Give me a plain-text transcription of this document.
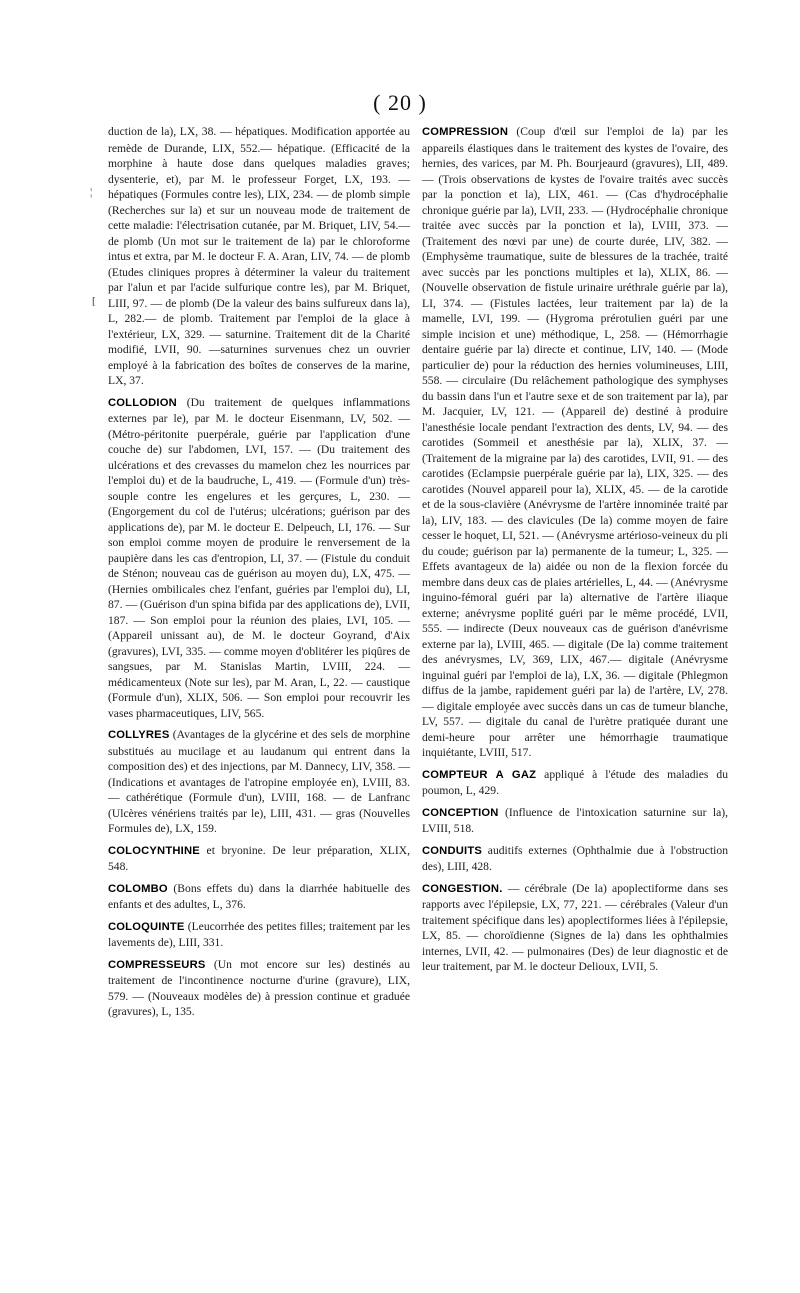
( 20 )
¦
[

duction de la), LX, 38. — hépatiques. Modification apportée au remède de Durande, LIX, 552.— hépatique. (Efficacité de la morphine à haute dose dans quelques maladies graves; dysenterie, et), par M. le professeur Forget, LX, 193. — hépatiques (Formules contre les), LIX, 234. — de plomb simple (Recherches sur la) et sur un nouveau mode de traitement de cette maladie: l'électrisation cutanée, par M. Briquet, LIV, 54.— de plomb (Un mot sur le traitement de la) par le chloroforme intus et extra, par M. le docteur F. A. Aran, LIV, 74. — de plomb (Etudes cliniques propres à déterminer la valeur du traitement par l'alun et par l'acide sulfurique contre les), par M. Briquet, LIII, 97. — de plomb (De la valeur des bains sulfureux dans la), L, 282.— de plomb. Traitement par l'emploi de la glace à l'extérieur, LX, 329. — saturnine. Traitement dit de la Charité modifié, LVII, 90. —saturnines survenues chez un ouvrier employé à la fabrication des boîtes de conserves de la marine, LX, 37.

COLLODION (Du traitement de quelques inflammations externes par le), par M. le docteur Eisenmann, LV, 502. — (Métro-péritonite puerpérale, guérie par l'application d'une couche de) sur l'abdomen, LVI, 157. — (Du traitement des ulcérations et des crevasses du mamelon chez les nourrices par l'emploi du) et de la baudruche, L, 419. — (Formule d'un) très-souple contre les engelures et les gerçures, L, 230. — (Engorgement du col de l'utérus; ulcérations; guérison par des applications de), par M. le docteur E. Delpeuch, LI, 176. — Sur son emploi comme moyen de produire le renversement de la paupière dans les cas d'entropion, LI, 37. — (Fistule du conduit de Sténon; nouveau cas de guérison au moyen du), LX, 475. — (Hernies ombilicales chez l'enfant, guéries par l'emploi du), LI, 87. — (Guérison d'un spina bifida par des applications de), LVII, 187. — Son emploi pour la réunion des plaies, LVI, 105. — (Appareil unissant au), de M. le docteur Goyrand, d'Aix (gravures), LVI, 335. — comme moyen d'oblitérer les piqûres de sangsues, par M. Stanislas Martin, LVIII, 224. —médicamenteux (Note sur les), par M. Aran, L, 22. — caustique (Formule d'un), XLIX, 506. — Son emploi pour recouvrir les vases pharmaceutiques, LIV, 565.

COLLYRES (Avantages de la glycérine et des sels de morphine substitués au mucilage et au laudanum qui entrent dans la composition des) et des injections, par M. Dannecy, LIV, 358. — (Indications et avantages de l'atropine employée en), LVIII, 83. — cathérétique (Formule d'un), LVIII, 168. — de Lanfranc (Ulcères vénériens traités par le), LIII, 431. — gras (Nouvelles Formules de), LX, 159.

COLOCYNTHINE et bryonine. De leur préparation, XLIX, 548.

COLOMBO (Bons effets du) dans la diarrhée habituelle des enfants et des adultes, L, 376.

COLOQUINTE (Leucorrhée des petites filles; traitement par les lavements de), LIII, 331.

COMPRESSEURS (Un mot encore sur les) destinés au traitement de l'incontinence nocturne d'urine (gravure), LIX, 579. — (Nouveaux modèles de) à pression continue et graduée (gravures), L, 135.

COMPRESSION (Coup d'œil sur l'emploi de la) par les appareils élastiques dans le traitement des kystes de l'ovaire, des hernies, des varices, par M. Ph. Bourjeaurd (gravures), LII, 489. — (Trois observations de kystes de l'ovaire traités avec succès par la ponction et la), LIX, 461. — (Cas d'hydrocéphalie chronique guérie par la), LVII, 233. — (Hydrocéphalie chronique traitée avec succès par la ponction et la), LVIII, 373. — (Traitement des nœvi par une) de courte durée, LIV, 382. — (Emphysème traumatique, suite de blessures de la trachée, traité avec succès par les ponctions multiples et la), XLIX, 86. — (Nouvelle observation de fistule urinaire uréthrale guérie par la), LI, 374. — (Fistules lactées, leur traitement par la) de la mamelle, LVI, 199. — (Hygroma prérotulien guéri par une simple incision et une) méthodique, L, 258. — (Hémorrhagie dentaire guérie par la) directe et continue, LIV, 140. — (Mode particulier de) pour la réduction des hernies volumineuses, LIII, 558. — circulaire (Du relâchement pathologique des symphyses du bassin dans l'un et l'autre sexe et de son traitement par la), par M. Jacquier, LV, 121. — (Appareil de) destiné à produire l'anesthésie locale pendant l'extraction des dents, LV, 94. — des carotides (Sommeil et anesthésie par la), XLIX, 37. — (Traitement de la migraine par la) des carotides, LVII, 91. — des carotides (Eclampsie puerpérale guérie par la), LIX, 325. — des carotides (Nouvel appareil pour la), XLIX, 45. — de la carotide et de la sous-clavière (Anévrysme de l'artère innominée traité par la), LIV, 183. — des clavicules (De la) comme moyen de faire cesser le hoquet, LI, 521. — (Anévrysme artérioso-veineux du pli du coude; guérison par la) permanente de la tumeur; L, 325. — Effets avantageux de la) aidée ou non de la flexion forcée du membre dans deux cas de plaies artérielles, L, 44. — (Anévrysme inguino-fémoral guéri par la) alternative de l'artère iliaque externe; anévrysme poplité guéri par le même procédé, LVII, 555. — indirecte (Deux nouveaux cas de guérison d'anévrisme externe par la), LVIII, 465. — digitale (De la) comme traitement des anévrysmes, LV, 369, LIX, 467.— digitale (Anévrysme inguinal guéri par l'emploi de la), LX, 36. — digitale (Phlegmon diffus de la jambe, rapidement guéri par la) de l'artère, LV, 278. — digitale employée avec succès dans un cas de tumeur blanche, LV, 557. — digitale du canal de l'urètre pratiquée durant une demi-heure pour arrêter une hémorrhagie traumatique inquiétante, LVIII, 517.

COMPTEUR A GAZ appliqué à l'étude des maladies du poumon, L, 429.

CONCEPTION (Influence de l'intoxication saturnine sur la), LVIII, 518.

CONDUITS auditifs externes (Ophthalmie due à l'obstruction des), LIII, 428.

CONGESTION. — cérébrale (De la) apoplectiforme dans ses rapports avec l'épilepsie, LX, 77, 221. — cérébrales (Valeur d'un traitement spécifique dans les) apoplectiformes liées à l'épilepsie, LX, 85. — choroïdienne (Signes de la) dans les ophthalmies internes, LVII, 42. — pulmonaires (Des) de leur diagnostic et de leur traitement, par M. le docteur Delioux, LVII, 5.
